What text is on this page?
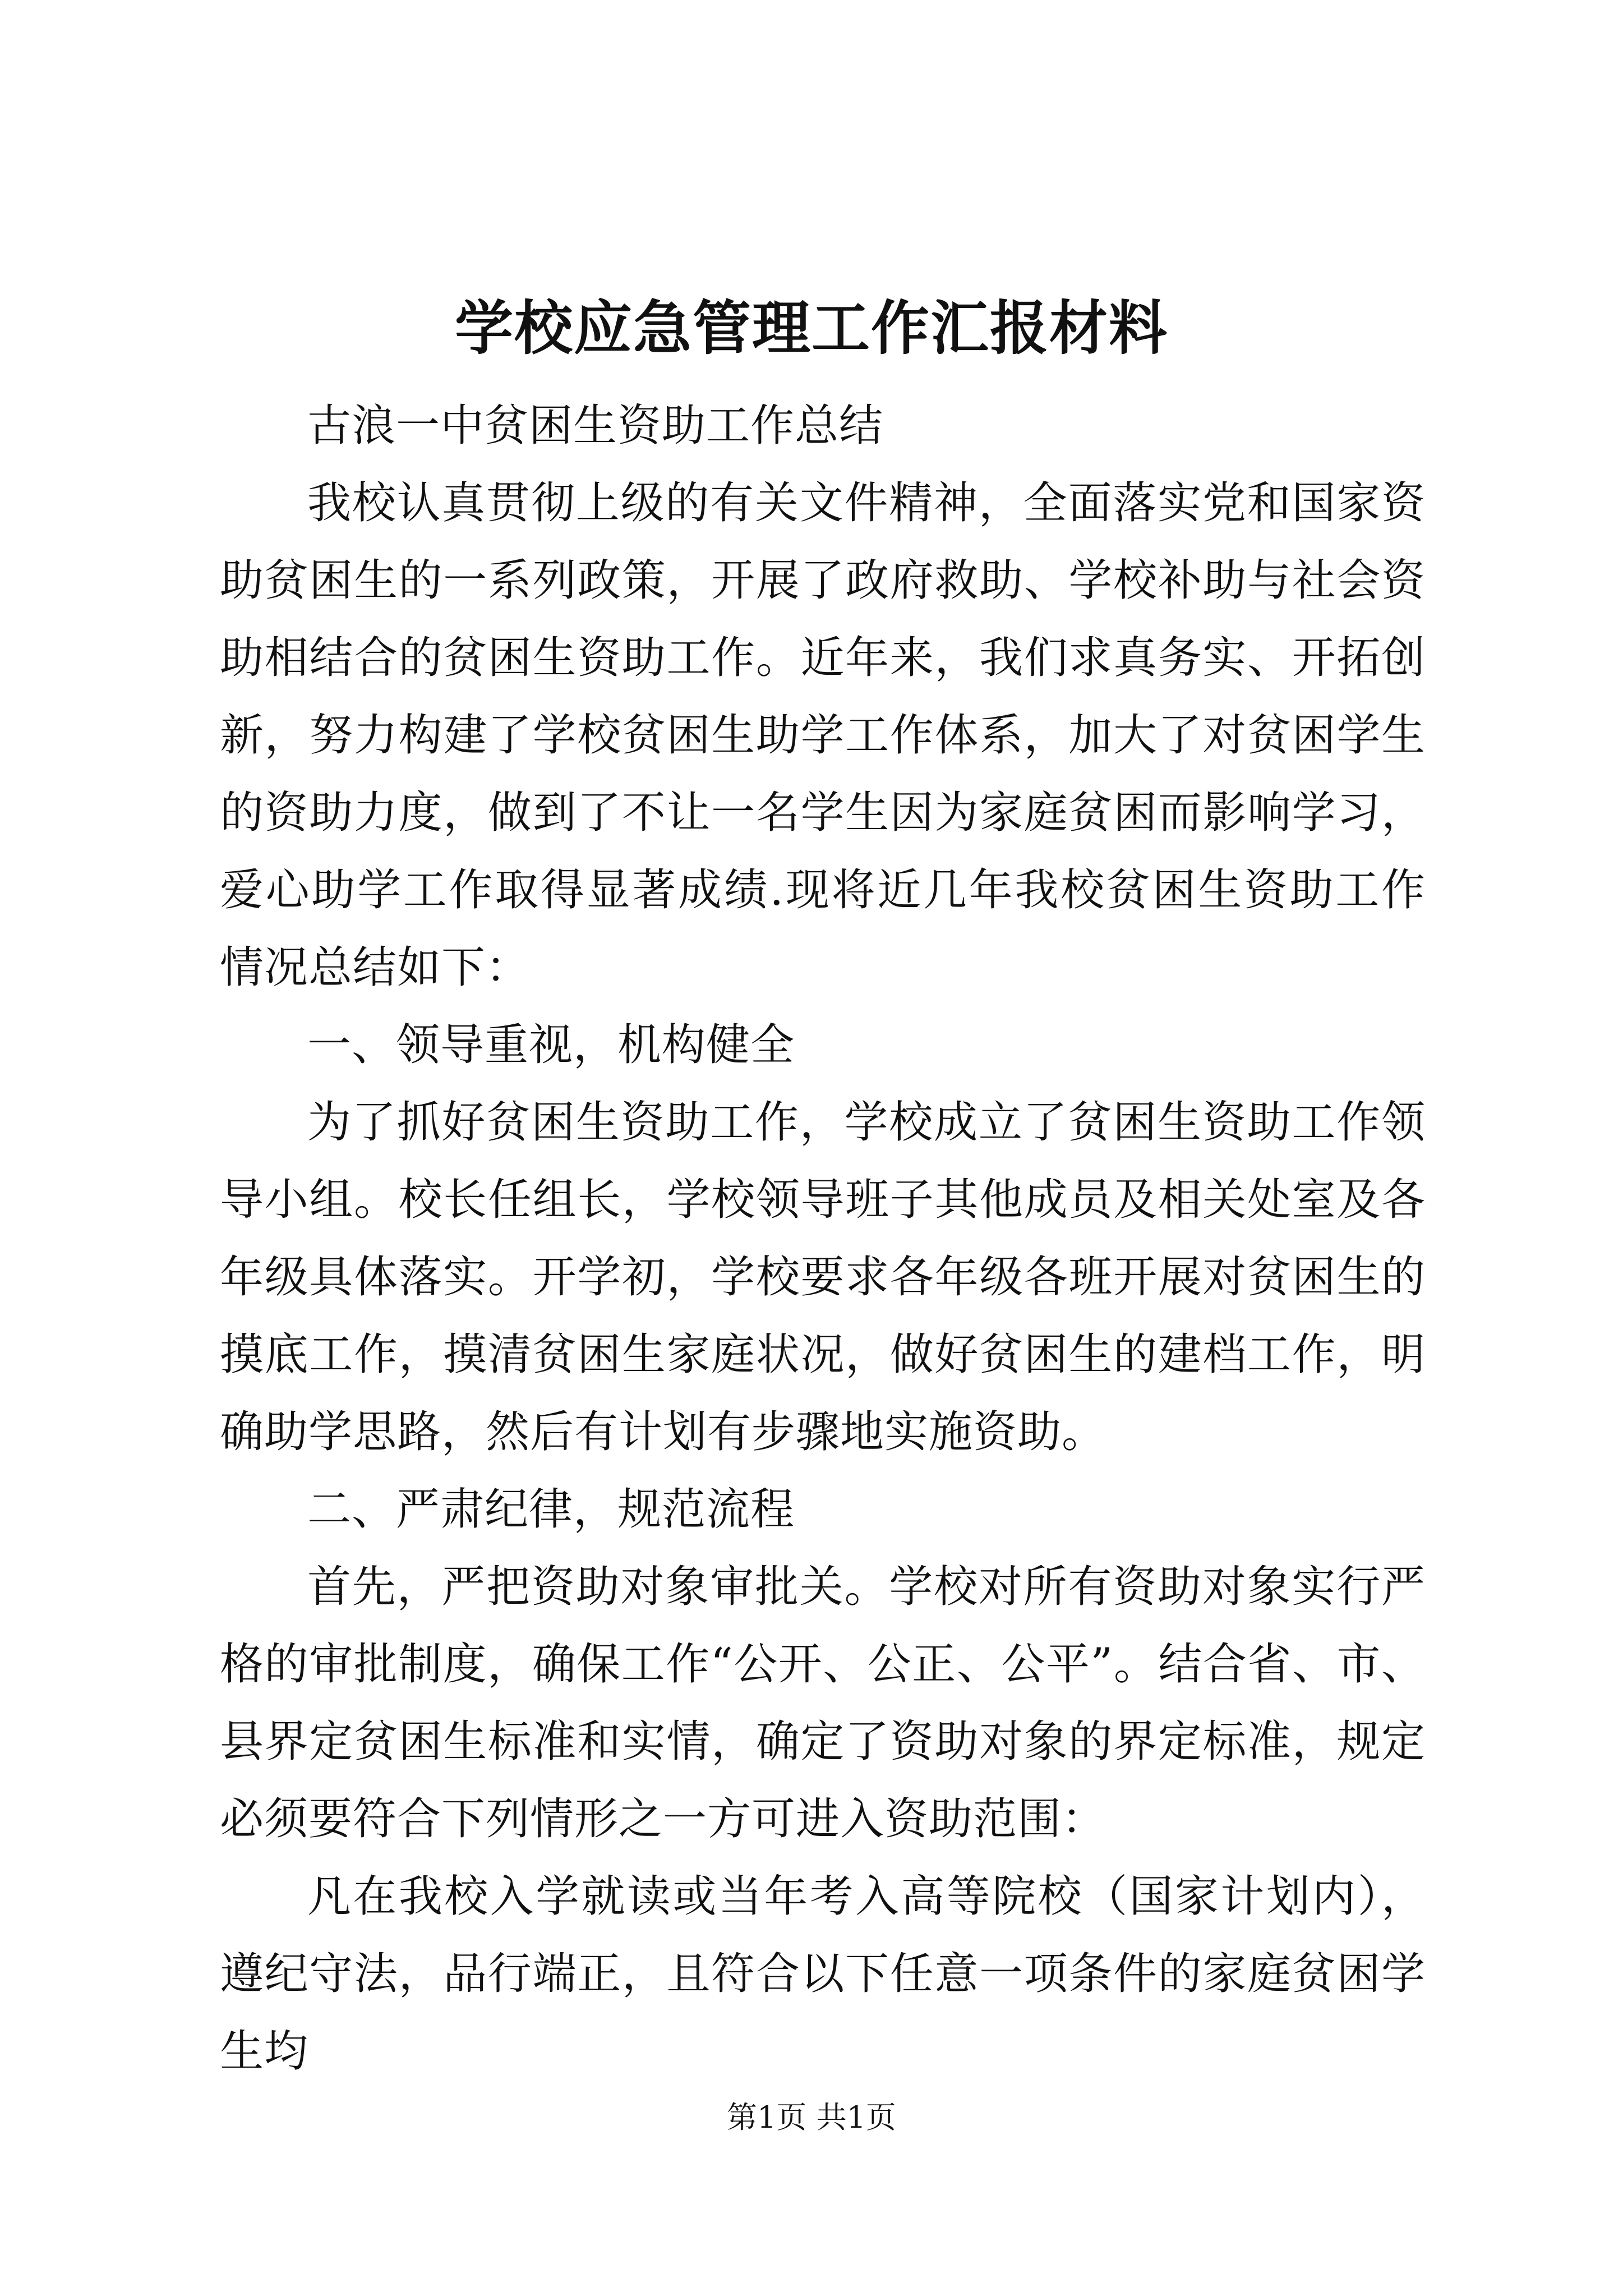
学校应急管理工作汇报材料

古浪一中贫困生资助工作总结

我校认真贯彻上级的有关文件精神，全面落实党和国家资助贫困生的一系列政策，开展了政府救助、学校补助与社会资助相结合的贫困生资助工作。近年来，我们求真务实、开拓创新，努力构建了学校贫困生助学工作体系，加大了对贫困学生的资助力度，做到了不让一名学生因为家庭贫困而影响学习，爱心助学工作取得显著成绩.现将近几年我校贫困生资助工作情况总结如下：

一、领导重视，机构健全

为了抓好贫困生资助工作，学校成立了贫困生资助工作领导小组。校长任组长，学校领导班子其他成员及相关处室及各年级具体落实。开学初，学校要求各年级各班开展对贫困生的摸底工作，摸清贫困生家庭状况，做好贫困生的建档工作，明确助学思路，然后有计划有步骤地实施资助。

二、严肃纪律，规范流程

首先，严把资助对象审批关。学校对所有资助对象实行严格的审批制度，确保工作“公开、公正、公平”。结合省、市、县界定贫困生标准和实情，确定了资助对象的界定标准，规定必须要符合下列情形之一方可进入资助范围：

凡在我校入学就读或当年考入高等院校（国家计划内），遵纪守法，品行端正，且符合以下任意一项条件的家庭贫困学生均

第1页 共1页
